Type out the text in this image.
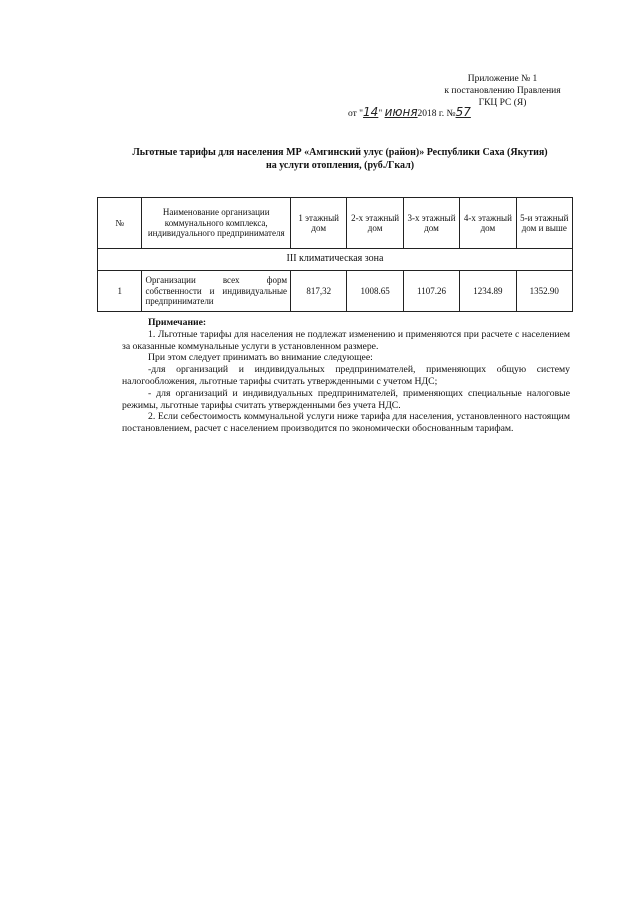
Приложение № 1
к постановлению Правления
ГКЦ РС (Я)
от "14" июня2018 г. №57
Льготные тарифы для населения МР «Амгинский улус (район)» Республики Саха (Якутия)
на услуги отопления, (руб./Гкал)
№	Наименование организации коммунального комплекса, индивидуального предпринимателя	1 этажный дом	2-х этажный дом	3-х этажный дом	4-х этажный дом	5-и этажный дом и выше
III климатическая зона						
1	Организации всех форм собственности и индивидуальные предприниматели	817,32	1008.65	1107.26	1234.89	1352.90

Примечание:

1. Льготные тарифы для населения не подлежат изменению и применяются при расчете с населением за оказанные коммунальные услуги в установленном размере.

При этом следует принимать во внимание следующее:

-для организаций и индивидуальных предпринимателей, применяющих общую систему налогообложения, льготные тарифы считать утвержденными с учетом НДС;

- для организаций и индивидуальных предпринимателей, применяющих специальные налоговые режимы, льготные тарифы считать утвержденными без учета НДС.

2. Если себестоимость коммунальной услуги ниже тарифа для населения, установленного настоящим постановлением, расчет с населением производится по экономически обоснованным тарифам.
